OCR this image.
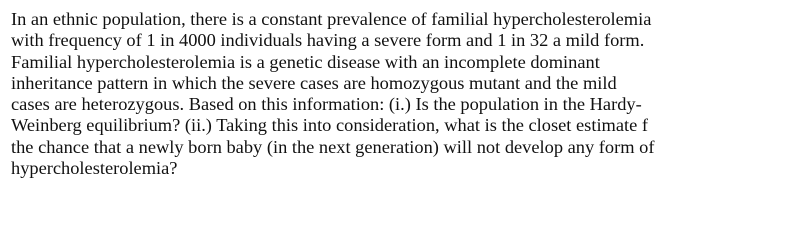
In an ethnic population, there is a constant prevalence of familial hypercholesterolemia
with frequency of 1 in 4000 individuals having a severe form and 1 in 32 a mild form.
Familial hypercholesterolemia is a genetic disease with an incomplete dominant
inheritance pattern in which the severe cases are homozygous mutant and the mild
cases are heterozygous. Based on this information: (i.) Is the population in the Hardy-
Weinberg equilibrium? (ii.) Taking this into consideration, what is the closet estimate f
the chance that a newly born baby (in the next generation) will not develop any form of
hypercholesterolemia?
